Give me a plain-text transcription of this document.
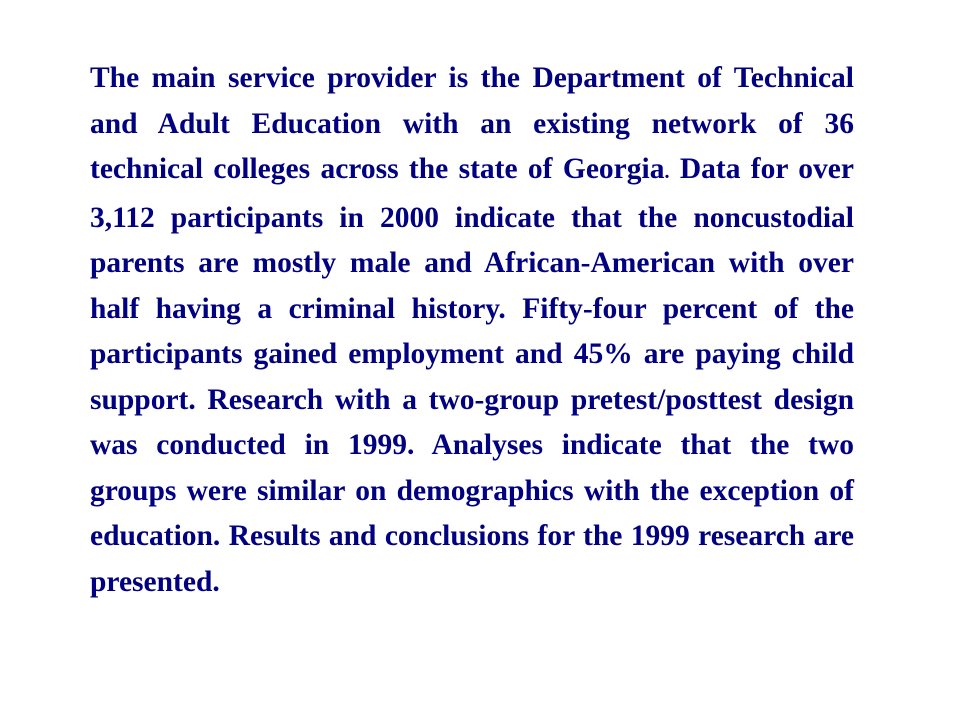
The main service provider is the Department of Technical and Adult Education with an existing network of 36 technical colleges across the state of Georgia. Data for over 3,112 participants in 2000 indicate that the noncustodial parents are mostly male and African-American with over half having a criminal history. Fifty-four percent of the participants gained employment and 45% are paying child support. Research with a two-group pretest/posttest design was conducted in 1999. Analyses indicate that the two groups were similar on demographics with the exception of education. Results and conclusions for the 1999 research are presented.
